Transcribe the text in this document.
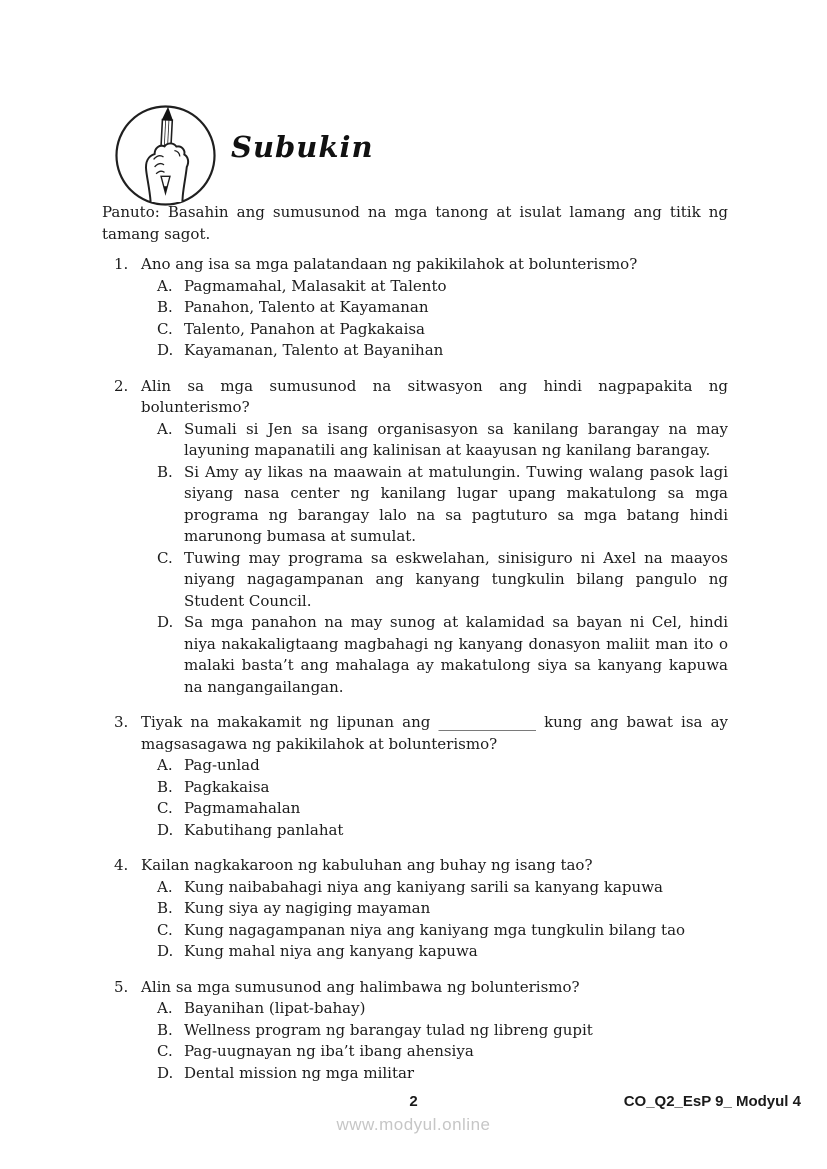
Subukin

Panuto: Basahin ang sumusunod na mga tanong at isulat lamang ang titik ng tamang sagot.

1. Ano ang isa sa mga palatandaan ng pakikilahok at bolunterismo?
A. Pagmamahal, Malasakit at Talento
B. Panahon, Talento at Kayamanan
C. Talento, Panahon at Pagkakaisa
D. Kayamanan, Talento at Bayanihan
2. Alin sa mga sumusunod na sitwasyon ang hindi nagpapakita ng bolunterismo?
A. Sumali si Jen sa isang organisasyon sa kanilang barangay na may layuning mapanatili ang kalinisan at kaayusan ng kanilang barangay.
B. Si Amy ay likas na maawain at matulungin. Tuwing walang pasok lagi siyang nasa center ng kanilang lugar upang makatulong sa mga programa ng barangay lalo na sa pagtuturo sa mga batang hindi marunong bumasa at sumulat.
C. Tuwing may programa sa eskwelahan, sinisiguro ni Axel na maayos niyang nagagampanan ang kanyang tungkulin bilang pangulo ng Student Council.
D. Sa mga panahon na may sunog at kalamidad sa bayan ni Cel, hindi niya nakakaligtaang magbahagi ng kanyang donasyon maliit man ito o malaki basta’t ang mahalaga ay makatulong siya sa kanyang kapuwa na nangangailangan.
3. Tiyak na makakamit ng lipunan ang _____________ kung ang bawat isa ay magsasagawa ng pakikilahok at bolunterismo?
A. Pag-unlad
B. Pagkakaisa
C. Pagmamahalan
D. Kabutihang panlahat
4. Kailan nagkakaroon ng kabuluhan ang buhay ng isang tao?
A. Kung naibabahagi niya ang kaniyang sarili sa kanyang kapuwa
B. Kung siya ay nagiging mayaman
C. Kung nagagampanan niya ang kaniyang mga tungkulin bilang tao
D. Kung mahal niya ang kanyang kapuwa
5. Alin sa mga sumusunod ang halimbawa ng bolunterismo?
A. Bayanihan (lipat-bahay)
B. Wellness program ng barangay tulad ng libreng gupit
C. Pag-uugnayan ng iba’t ibang ahensiya
D. Dental mission ng mga militar
2	CO_Q2_EsP 9_ Modyul 4
www.modyul.online
